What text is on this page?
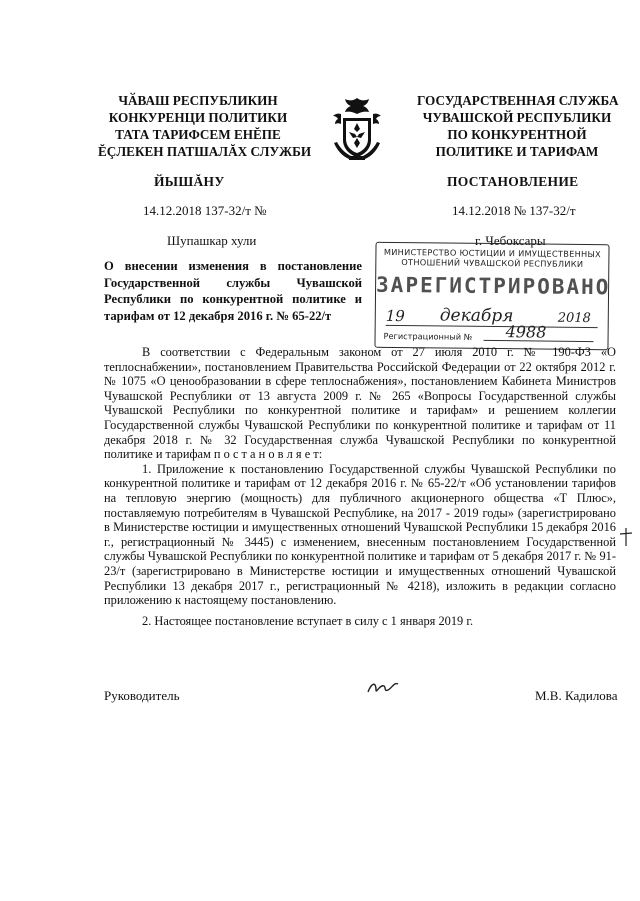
ЧӐВАШ РЕСПУБЛИКИН
КОНКУРЕНЦИ ПОЛИТИКИ
ТАТА ТАРИФСЕМ ЕНĔПЕ
ĔÇЛЕКЕН ПАТШАЛĂХ СЛУЖБИ
ГОСУДАРСТВЕННАЯ СЛУЖБА
ЧУВАШСКОЙ РЕСПУБЛИКИ
ПО КОНКУРЕНТНОЙ
ПОЛИТИКЕ И ТАРИФАМ
ЙЫШĂНУ	ПОСТАНОВЛЕНИЕ
14.12.2018 137-32/т №	14.12.2018 № 137-32/т
Шупашкар хули	г. Чебоксары
О внесении изменения в постановление
Государственной службы Чувашской
Республики по конкурентной политике и
тарифам от 12 декабря 2016 г. № 65-22/т
МИНИСТЕРСТВО ЮСТИЦИИ И ИМУЩЕСТВЕННЫХ
ОТНОШЕНИЙ ЧУВАШСКОЙ РЕСПУБЛИКИ
ЗАРЕГИСТРИРОВАНО
19 декабря	2018
Регистрационный № 4988

В соответствии с Федеральным законом от 27 июля 2010 г. № 190-ФЗ «О теплоснабжении», постановлением Правительства Российской Федерации от 22 октября 2012 г. № 1075 «О ценообразовании в сфере теплоснабжения», постановлением Кабинета Министров Чувашской Республики от 13 августа 2009 г. № 265 «Вопросы Государственной службы Чувашской Республики по конкурентной политике и тарифам» и решением коллегии Государственной службы Чувашской Республики по конкурентной политике и тарифам от 11 декабря 2018 г. № 32 Государственная служба Чувашской Республики по конкурентной политике и тарифам п о с т а н о в л я е т:

1. Приложение к постановлению Государственной службы Чувашской Республики по конкурентной политике и тарифам от 12 декабря 2016 г. № 65-22/т «Об установлении тарифов на тепловую энергию (мощность) для публичного акционерного общества «Т Плюс», поставляемую потребителям в Чувашской Республике, на 2017 - 2019 годы» (зарегистрировано в Министерстве юстиции и имущественных отношений Чувашской Республики 15 декабря 2016 г., регистрационный № 3445) с изменением, внесенным постановлением Государственной службы Чувашской Республики по конкурентной политике и тарифам от 5 декабря 2017 г. № 91-23/т (зарегистрировано в Министерстве юстиции и имущественных отношений Чувашской Республики 13 декабря 2017 г., регистрационный № 4218), изложить в редакции согласно приложению к настоящему постановлению.

2. Настоящее постановление вступает в силу с 1 января 2019 г.

Руководитель	М.В. Кадилова
